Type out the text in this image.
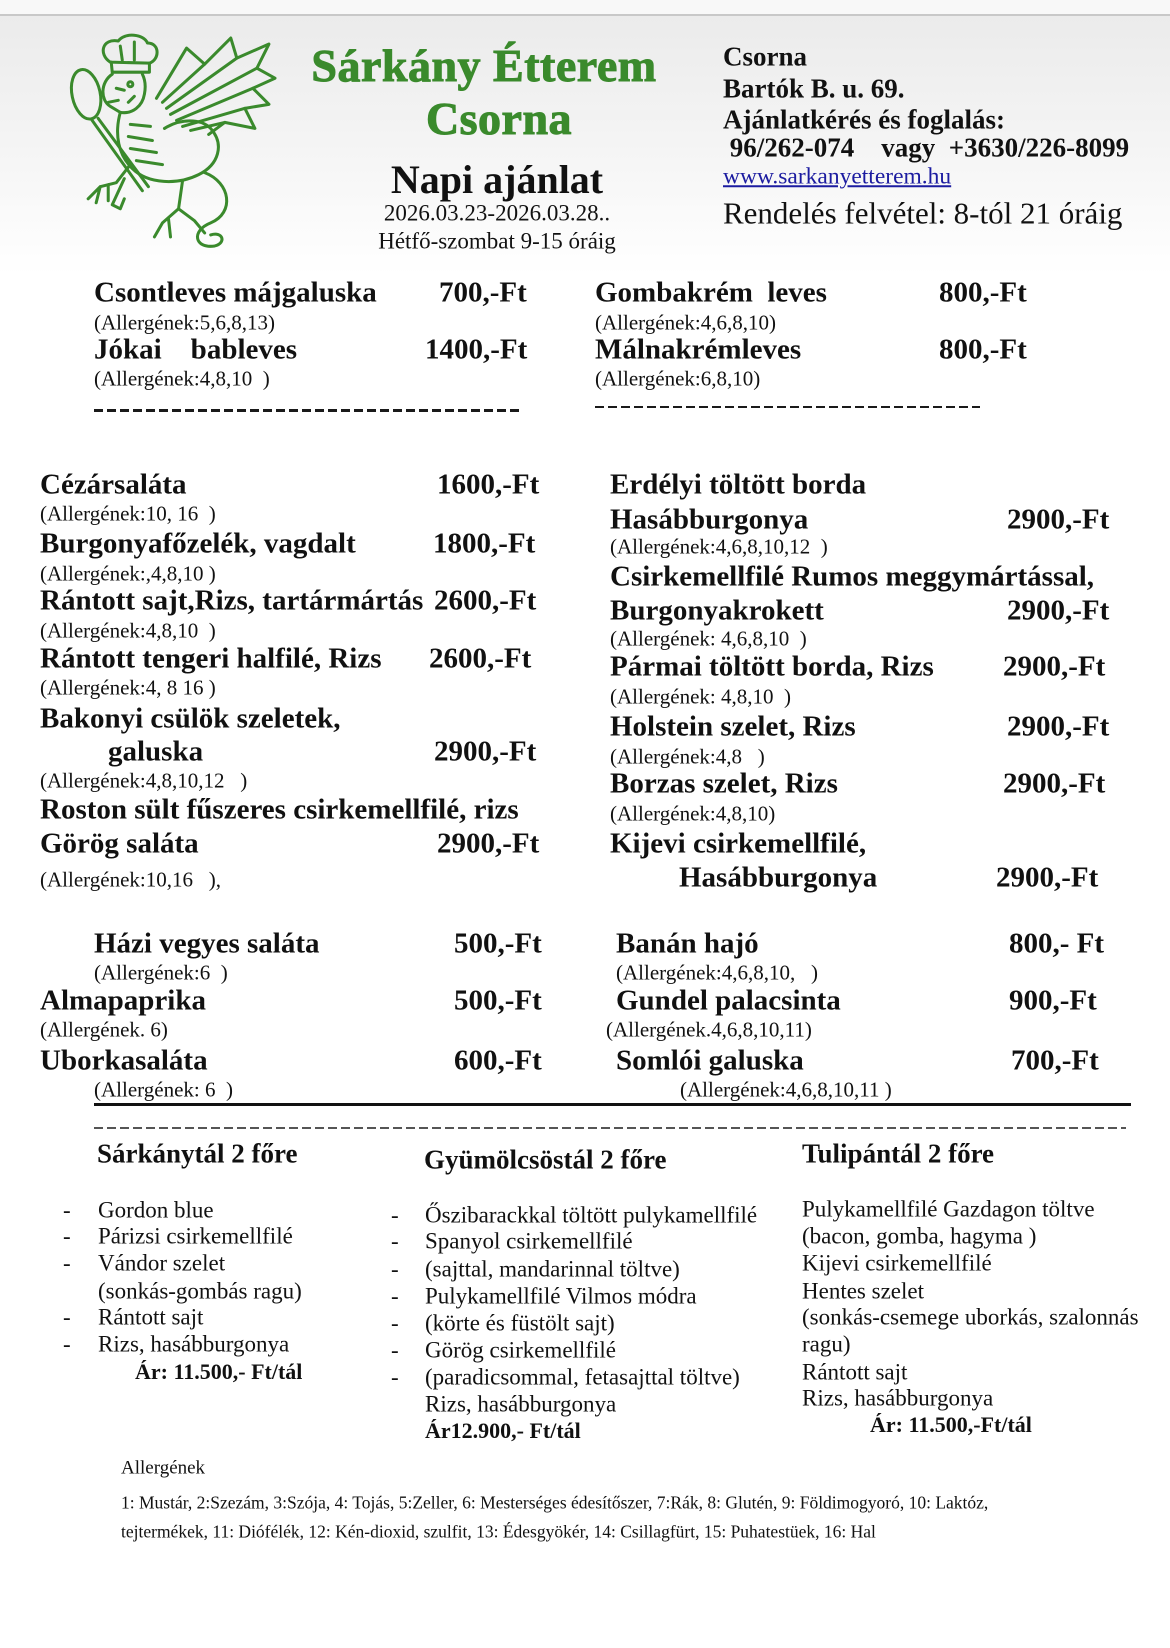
Sárkány Étterem
Csorna
Napi ajánlat
2026.03.23-2026.03.28..
Hétfő-szombat 9-15 óráig
Csorna
Bartók B. u. 69.
Ajánlatkérés és foglalás:
96/262-074    vagy  +3630/226-8099
www.sarkanyetterem.hu
Rendelés felvétel: 8-tól 21 óráig
Csontleves májgaluska 700,-Ft
(Allergének:5,6,8,13)
Jókai    bableves	1400,-Ft
(Allergének:4,8,10  )
Gombakrém  leves	800,-Ft
(Allergének:4,6,8,10)
Málnakrémleves	800,-Ft
(Allergének:6,8,10)
Cézársaláta	1600,-Ft
(Allergének:10, 16  )
Burgonyafőzelék, vagdalt	1800,-Ft
(Allergének:,4,8,10 )
Rántott sajt,Rizs, tartármártás 2600,-Ft
(Allergének:4,8,10  )
Rántott tengeri halfilé, Rizs 2600,-Ft
(Allergének:4, 8 16 )
Bakonyi csülök szeletek,
galuska	2900,-Ft
(Allergének:4,8,10,12   )
Roston sült fűszeres csirkemellfilé, rizs
Görög saláta	2900,-Ft
(Allergének:10,16   ),
Erdélyi töltött borda
Hasábburgonya	2900,-Ft
(Allergének:4,6,8,10,12  )
Csirkemellfilé Rumos meggymártással,
Burgonyakrokett	2900,-Ft
(Allergének: 4,6,8,10  )
Pármai töltött borda, Rizs 2900,-Ft
(Allergének: 4,8,10  )
Holstein szelet, Rizs	2900,-Ft
(Allergének:4,8   )
Borzas szelet, Rizs	2900,-Ft
(Allergének:4,8,10)
Kijevi csirkemellfilé,
Hasábburgonya	2900,-Ft
Házi vegyes saláta	500,-Ft
(Allergének:6  )
Almapaprika	500,-Ft
(Allergének. 6)
Uborkasaláta	600,-Ft
(Allergének: 6  )
Banán hajó	800,- Ft
(Allergének:4,6,8,10,   )
Gundel palacsinta	900,-Ft
(Allergének.4,6,8,10,11)
Somlói galuska	700,-Ft
(Allergének:4,6,8,10,11 )
Sárkánytál 2 főre
- Gordon blue
- Párizsi csirkemellfilé
- Vándor szelet
(sonkás-gombás ragu)
- Rántott sajt
- Rizs, hasábburgonya
Ár: 11.500,- Ft/tál
Gyümölcsöstál 2 főre
- Őszibarackkal töltött pulykamellfilé
- Spanyol csirkemellfilé
- (sajttal, mandarinnal töltve)
- Pulykamellfilé Vilmos módra
- (körte és füstölt sajt)
- Görög csirkemellfilé
- (paradicsommal, fetasajttal töltve)
Rizs, hasábburgonya
Ár12.900,- Ft/tál
Tulipántál 2 főre
Pulykamellfilé Gazdagon töltve
(bacon, gomba, hagyma )
Kijevi csirkemellfilé
Hentes szelet
(sonkás-csemege uborkás, szalonnás
ragu)
Rántott sajt
Rizs, hasábburgonya
Ár: 11.500,-Ft/tál
Allergének
1: Mustár, 2:Szezám, 3:Szója, 4: Tojás, 5:Zeller, 6: Mesterséges édesítőszer, 7:Rák, 8: Glutén, 9: Földimogyoró, 10: Laktóz,
tejtermékek, 11: Diófélék, 12: Kén-dioxid, szulfit, 13: Édesgyökér, 14: Csillagfürt, 15: Puhatestüek, 16: Hal
